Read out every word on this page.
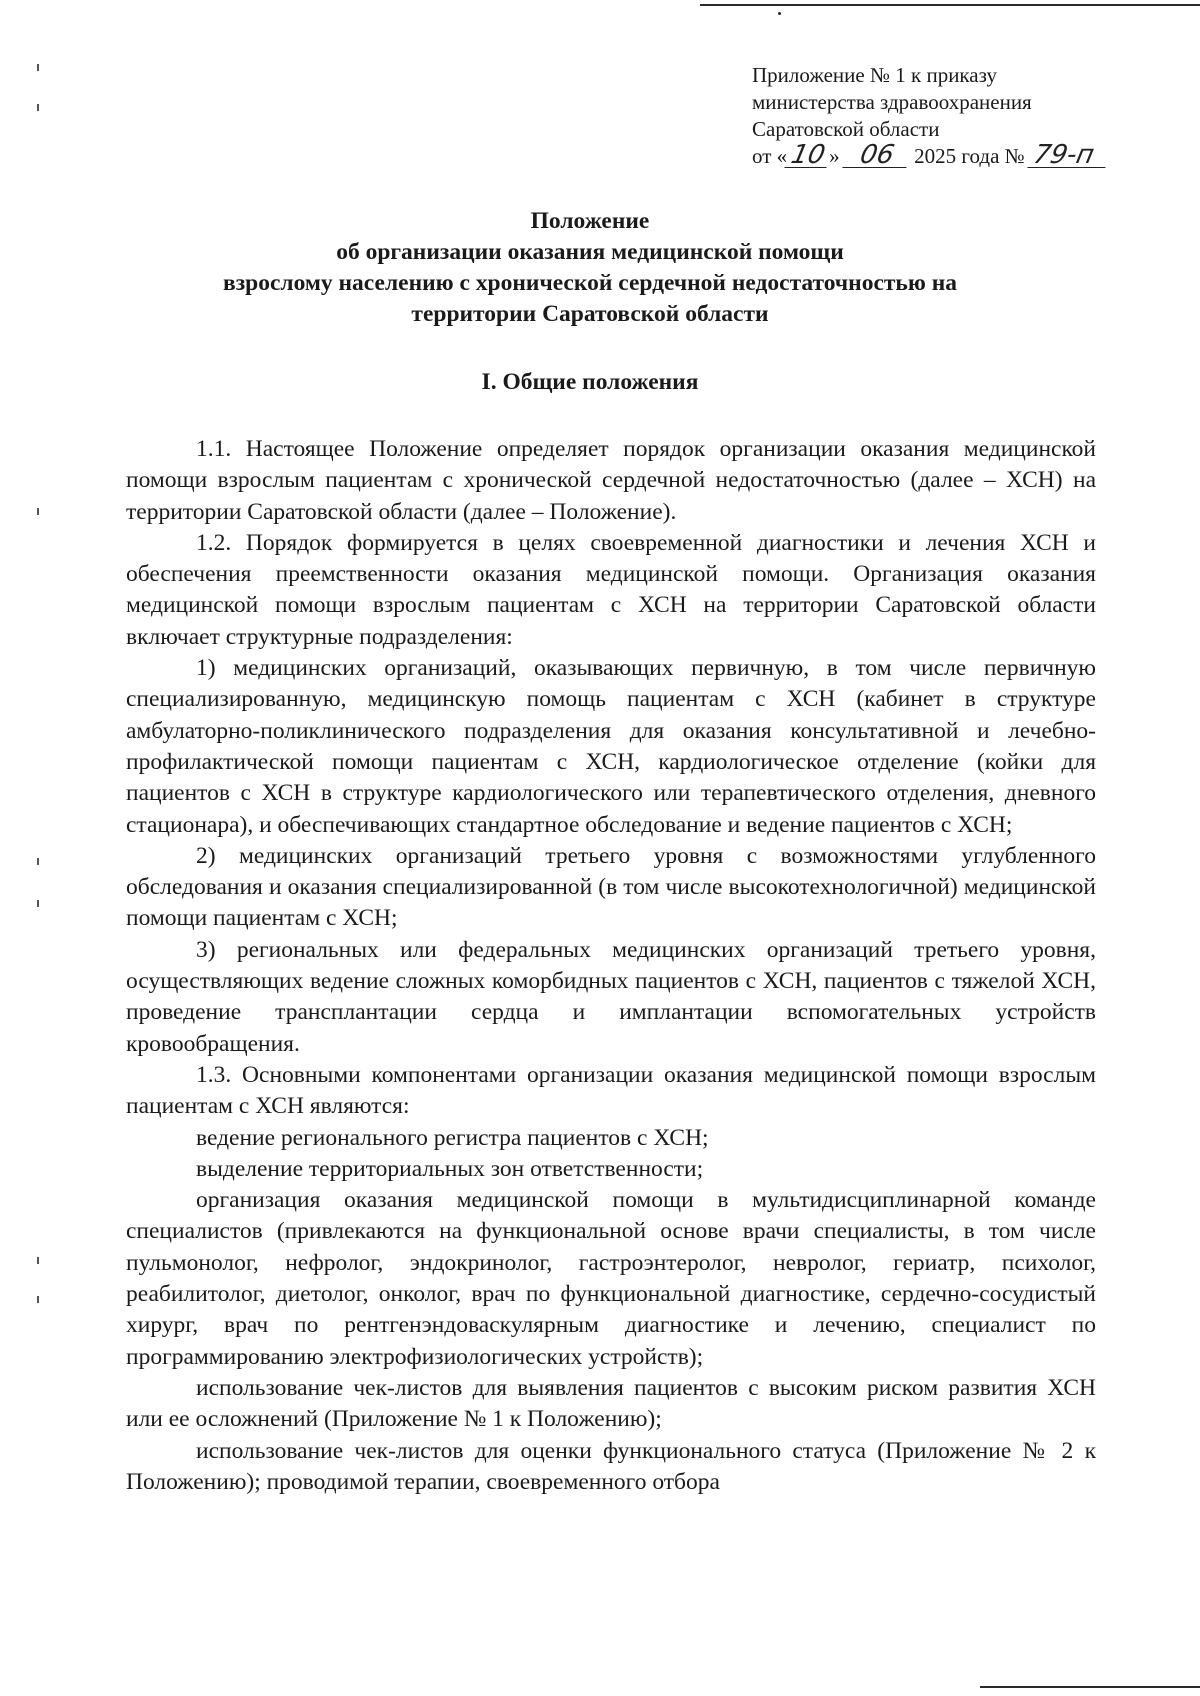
Приложение № 1 к приказу
министерства здравоохранения
Саратовской области
от «10» 06 2025 года № 79-п
Положение
об организации оказания медицинской помощи
взрослому населению с хронической сердечной недостаточностью на
территории Саратовской области
I. Общие положения

1.1. Настоящее Положение определяет порядок организации оказания медицинской помощи взрослым пациентам с хронической сердечной недостаточностью (далее – ХСН) на территории Саратовской области (далее – Положение).

1.2. Порядок формируется в целях своевременной диагностики и лечения ХСН и обеспечения преемственности оказания медицинской помощи. Организация оказания медицинской помощи взрослым пациентам с ХСН на территории Саратовской области включает структурные подразделения:

1) медицинских организаций, оказывающих первичную, в том числе первичную специализированную, медицинскую помощь пациентам с ХСН (кабинет в структуре амбулаторно-поликлинического подразделения для оказания консультативной и лечебно-профилактической помощи пациентам с ХСН, кардиологическое отделение (койки для пациентов с ХСН в структуре кардиологического или терапевтического отделения, дневного стационара), и обеспечивающих стандартное обследование и ведение пациентов с ХСН;

2) медицинских организаций третьего уровня с возможностями углубленного обследования и оказания специализированной (в том числе высокотехнологичной) медицинской помощи пациентам с ХСН;

3) региональных или федеральных медицинских организаций третьего уровня, осуществляющих ведение сложных коморбидных пациентов с ХСН, пациентов с тяжелой ХСН, проведение трансплантации сердца и имплантации вспомогательных устройств кровообращения.

1.3. Основными компонентами организации оказания медицинской помощи взрослым пациентам с ХСН являются:

ведение регионального регистра пациентов с ХСН;

выделение территориальных зон ответственности;

организация оказания медицинской помощи в мультидисциплинарной команде специалистов (привлекаются на функциональной основе врачи специалисты, в том числе пульмонолог, нефролог, эндокринолог, гастроэнтеролог, невролог, гериатр, психолог, реабилитолог, диетолог, онколог, врач по функциональной диагностике, сердечно-сосудистый хирург, врач по рентгенэндоваскулярным диагностике и лечению, специалист по программированию электрофизиологических устройств);

использование чек-листов для выявления пациентов с высоким риском развития ХСН или ее осложнений (Приложение № 1 к Положению);

использование чек-листов для оценки функционального статуса (Приложение № 2 к Положению); проводимой терапии, своевременного отбора
